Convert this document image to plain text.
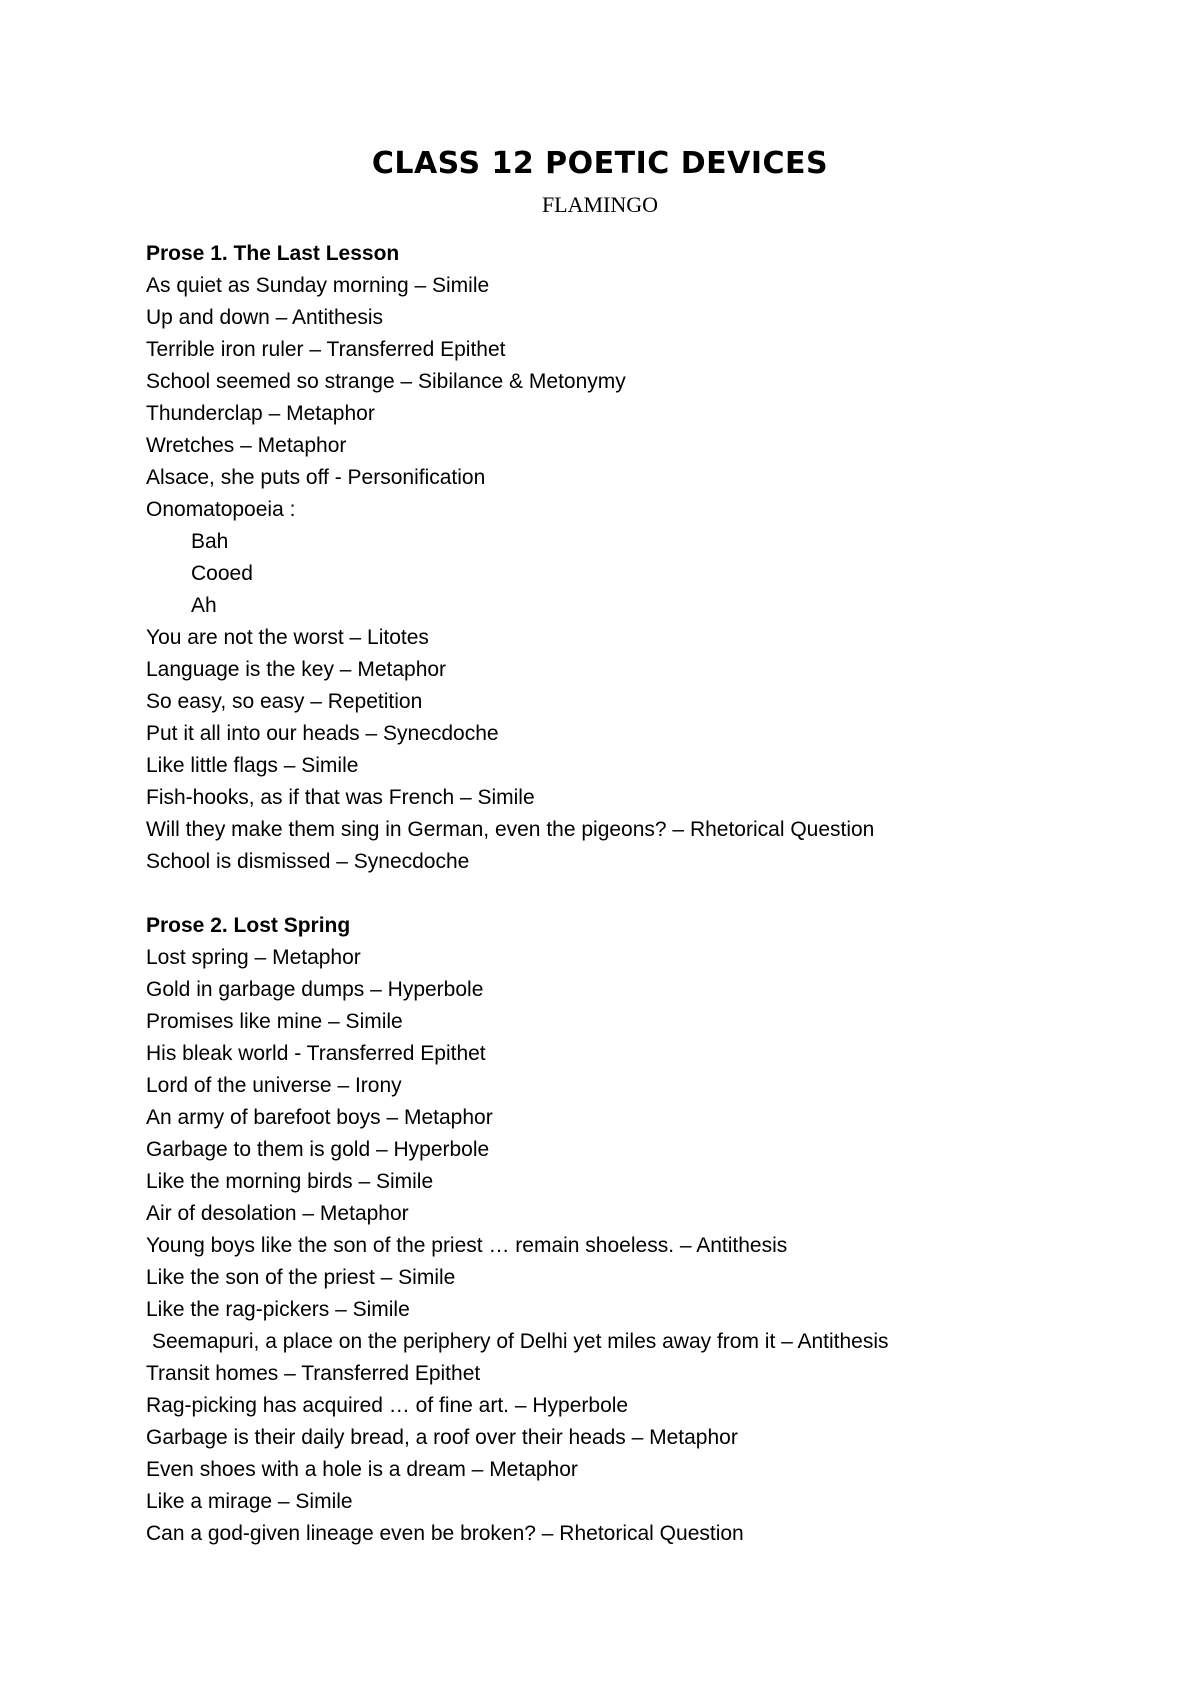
CLASS 12 POETIC DEVICES
FLAMINGO
Prose 1. The Last Lesson
As quiet as Sunday morning – Simile
Up and down – Antithesis
Terrible iron ruler – Transferred Epithet
School seemed so strange – Sibilance & Metonymy
Thunderclap – Metaphor
Wretches – Metaphor
Alsace, she puts off - Personification
Onomatopoeia :
Bah
Cooed
Ah
You are not the worst – Litotes
Language is the key – Metaphor
So easy, so easy – Repetition
Put it all into our heads – Synecdoche
Like little flags – Simile
Fish-hooks, as if that was French – Simile
Will they make them sing in German, even the pigeons? – Rhetorical Question
School is dismissed – Synecdoche
Prose 2. Lost Spring
Lost spring – Metaphor
Gold in garbage dumps – Hyperbole
Promises like mine – Simile
His bleak world - Transferred Epithet
Lord of the universe – Irony
An army of barefoot boys – Metaphor
Garbage to them is gold – Hyperbole
Like the morning birds – Simile
Air of desolation – Metaphor
Young boys like the son of the priest … remain shoeless. – Antithesis
Like the son of the priest – Simile
Like the rag-pickers – Simile
Seemapuri, a place on the periphery of Delhi yet miles away from it – Antithesis
Transit homes – Transferred Epithet
Rag-picking has acquired … of fine art. – Hyperbole
Garbage is their daily bread, a roof over their heads – Metaphor
Even shoes with a hole is a dream – Metaphor
Like a mirage – Simile
Can a god-given lineage even be broken? – Rhetorical Question
